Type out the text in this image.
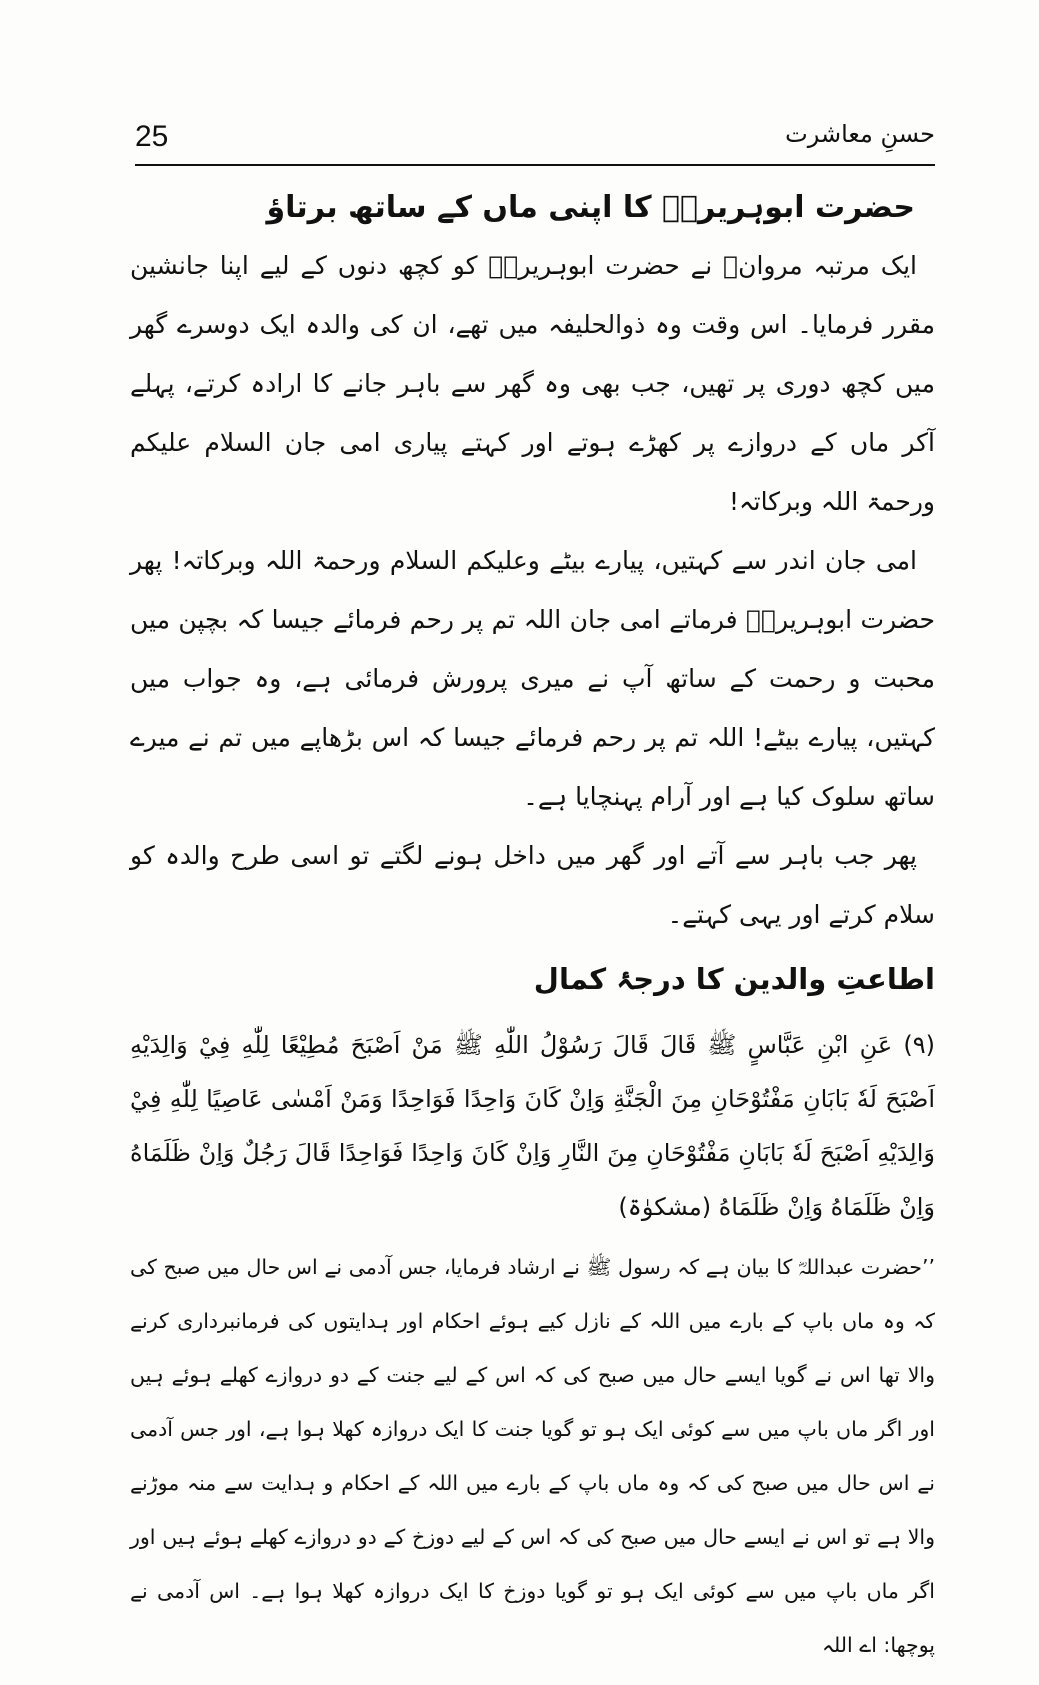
25	حسنِ معاشرت
حضرت ابوہریرہؓ کا اپنی ماں کے ساتھ برتاؤ

ایک مرتبہ مروانؓ نے حضرت ابوہریرہؓ کو کچھ دنوں کے لیے اپنا جانشین مقرر فرمایا۔ اس وقت وہ ذوالحلیفہ میں تھے، ان کی والدہ ایک دوسرے گھر میں کچھ دوری پر تھیں، جب بھی وہ گھر سے باہر جانے کا ارادہ کرتے، پہلے آکر ماں کے دروازے پر کھڑے ہوتے اور کہتے پیاری امی جان السلام علیکم ورحمۃ اللہ وبرکاتہ!

امی جان اندر سے کہتیں، پیارے بیٹے وعلیکم السلام ورحمۃ اللہ وبرکاتہ! پھر حضرت ابوہریرہؓ فرماتے امی جان اللہ تم پر رحم فرمائے جیسا کہ بچپن میں محبت و رحمت کے ساتھ آپ نے میری پرورش فرمائی ہے، وہ جواب میں کہتیں، پیارے بیٹے! اللہ تم پر رحم فرمائے جیسا کہ اس بڑھاپے میں تم نے میرے ساتھ سلوک کیا ہے اور آرام پہنچایا ہے۔

پھر جب باہر سے آتے اور گھر میں داخل ہونے لگتے تو اسی طرح والدہ کو سلام کرتے اور یہی کہتے۔

اطاعتِ والدین کا درجۂ کمال

(۹) عَنِ ابْنِ عَبَّاسٍ ﷺ قَالَ قَالَ رَسُوْلُ اللّٰهِ ﷺ مَنْ اَصْبَحَ مُطِيْعًا لِلّٰهِ فِيْ وَالِدَيْهِ اَصْبَحَ لَهٗ بَابَانِ مَفْتُوْحَانِ مِنَ الْجَنَّةِ وَاِنْ كَانَ وَاحِدًا فَوَاحِدًا وَمَنْ اَمْسٰى عَاصِيًا لِلّٰهِ فِيْ وَالِدَيْهِ اَصْبَحَ لَهٗ بَابَانِ مَفْتُوْحَانِ مِنَ النَّارِ وَاِنْ كَانَ وَاحِدًا فَوَاحِدًا قَالَ رَجُلٌ وَاِنْ ظَلَمَاهُ وَاِنْ ظَلَمَاهُ وَاِنْ ظَلَمَاهُ (مشکوٰۃ)

’’حضرت عبداللہؓ کا بیان ہے کہ رسول ﷺ نے ارشاد فرمایا، جس آدمی نے اس حال میں صبح کی کہ وہ ماں باپ کے بارے میں اللہ کے نازل کیے ہوئے احکام اور ہدایتوں کی فرمانبرداری کرنے والا تھا اس نے گویا ایسے حال میں صبح کی کہ اس کے لیے جنت کے دو دروازے کھلے ہوئے ہیں اور اگر ماں باپ میں سے کوئی ایک ہو تو گویا جنت کا ایک دروازہ کھلا ہوا ہے، اور جس آدمی نے اس حال میں صبح کی کہ وہ ماں باپ کے بارے میں اللہ کے احکام و ہدایت سے منہ موڑنے والا ہے تو اس نے ایسے حال میں صبح کی کہ اس کے لیے دوزخ کے دو دروازے کھلے ہوئے ہیں اور اگر ماں باپ میں سے کوئی ایک ہو تو گویا دوزخ کا ایک دروازہ کھلا ہوا ہے۔ اس آدمی نے پوچھا: اے اللہ
